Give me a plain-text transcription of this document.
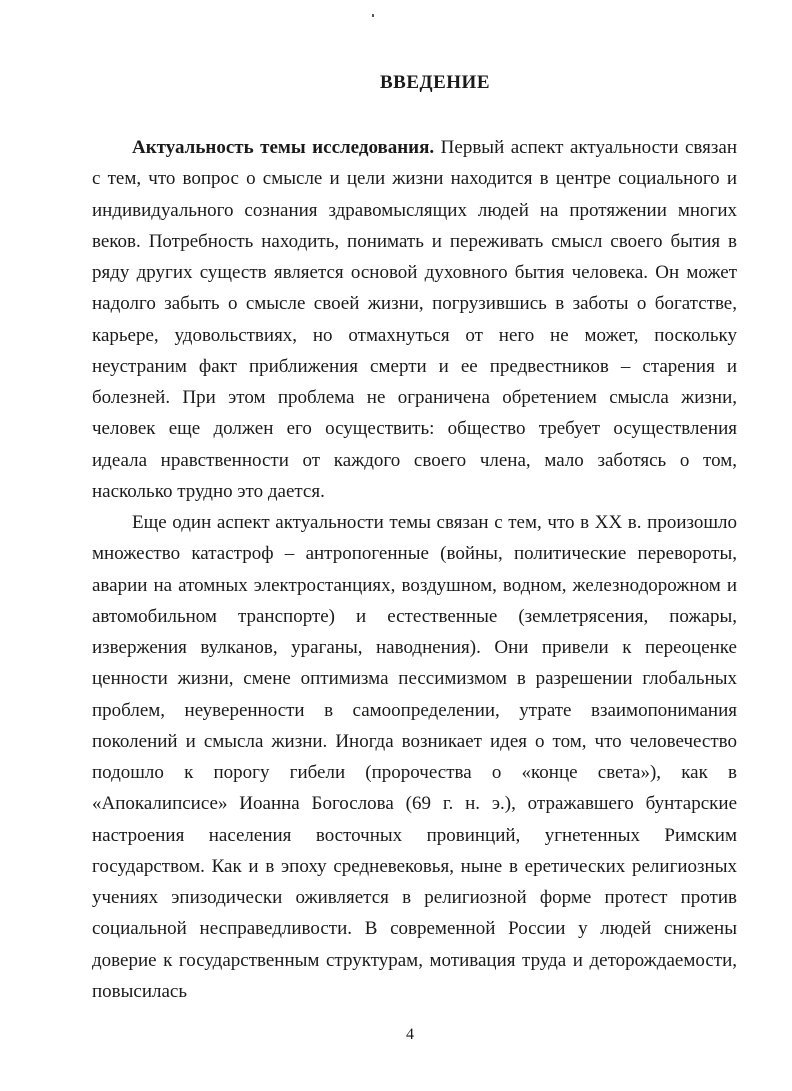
ВВЕДЕНИЕ

Актуальность темы исследования. Первый аспект актуальности связан с тем, что вопрос о смысле и цели жизни находится в центре социального и индивидуального сознания здравомыслящих людей на протяжении многих веков. Потребность находить, понимать и переживать смысл своего бытия в ряду других существ является основой духовного бытия человека. Он может надолго забыть о смысле своей жизни, погрузившись в заботы о богатстве, карьере, удовольствиях, но отмахнуться от него не может, поскольку неустраним факт приближения смерти и ее предвестников – старения и болезней. При этом проблема не ограничена обретением смысла жизни, человек еще должен его осуществить: общество требует осуществления идеала нравственности от каждого своего члена, мало заботясь о том, насколько трудно это дается.

Еще один аспект актуальности темы связан с тем, что в XX в. произошло множество катастроф – антропогенные (войны, политические перевороты, аварии на атомных электростанциях, воздушном, водном, железнодорожном и автомобильном транспорте) и естественные (землетрясения, пожары, извержения вулканов, ураганы, наводнения). Они привели к переоценке ценности жизни, смене оптимизма пессимизмом в разрешении глобальных проблем, неуверенности в самоопределении, утрате взаимопонимания поколений и смысла жизни. Иногда возникает идея о том, что человечество подошло к порогу гибели (пророчества о «конце света»), как в «Апокалипсисе» Иоанна Богослова (69 г. н. э.), отражавшего бунтарские настроения населения восточных провинций, угнетенных Римским государством. Как и в эпоху средневековья, ныне в еретических религиозных учениях эпизодически оживляется в религиозной форме протест против социальной несправедливости. В современной России у людей снижены доверие к государственным структурам, мотивация труда и деторождаемости, повысилась

4
